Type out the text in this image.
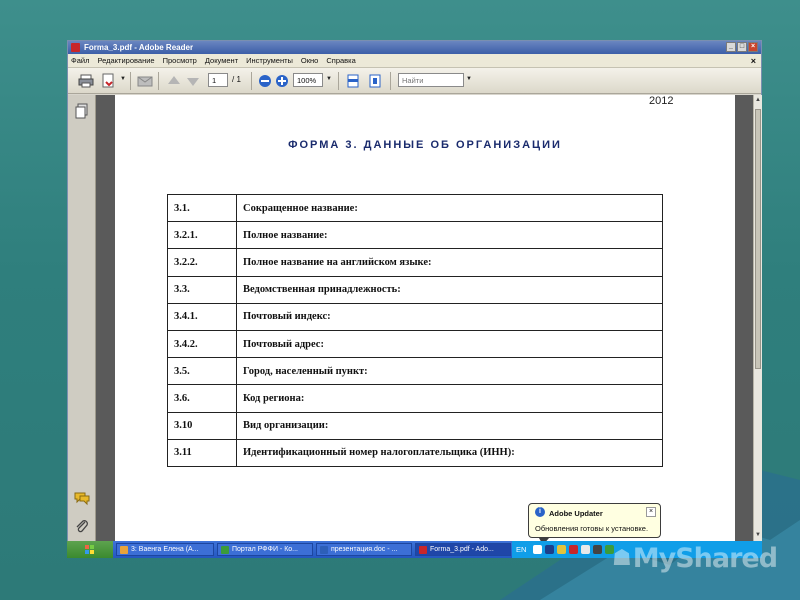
Forma_3.pdf - Adobe Reader	_ □ ×
Файл Редактирование Просмотр Документ Инструменты Окно Справка	×
▼	1	/ 1	100%	▼	Найти	▼
2012
ФОРМА 3. ДАННЫЕ ОБ ОРГАНИЗАЦИИ
3.1.	Сокращенное название:
3.2.1.	Полное название:
3.2.2.	Полное название на английском языке:
3.3.	Ведомственная принадлежность:
3.4.1.	Почтовый индекс:
3.4.2.	Почтовый адрес:
3.5.	Город, населенный пункт:
3.6.	Код региона:
3.10	Вид организации:
3.11	Идентификационный номер налогоплательщика (ИНН):
▲
▼
i	Adobe Updater	×
Обновления готовы к установке.
3: Ваенга Елена (А...	Портал РФФИ - Ко...	презентация.doc - ...	Forma_3.pdf - Ado...	EN	☗ MyShared
